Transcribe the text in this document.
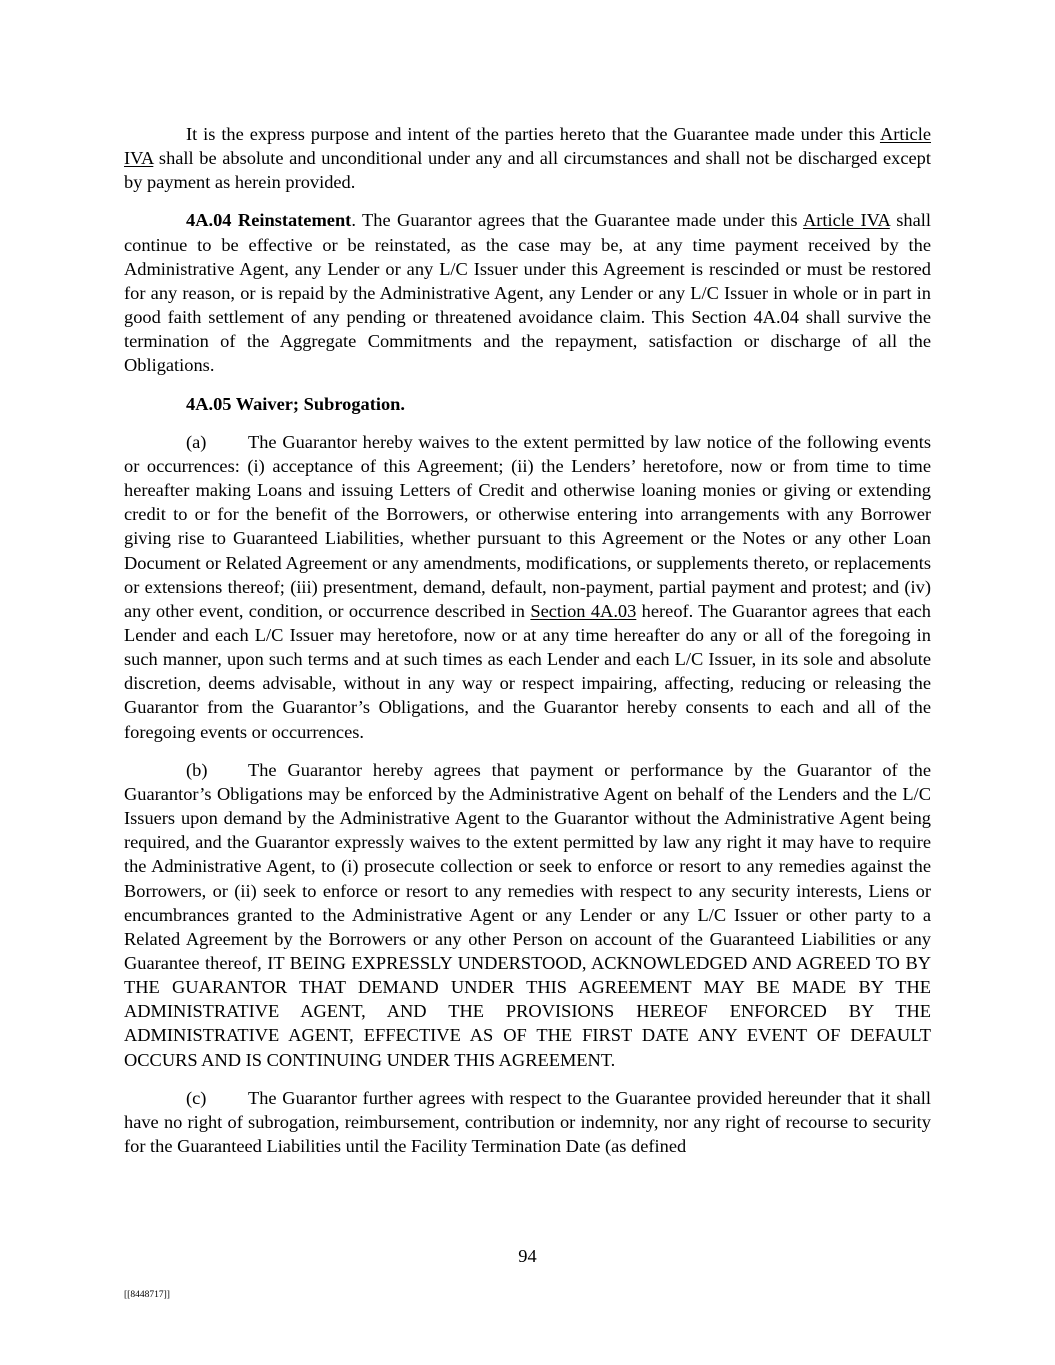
It is the express purpose and intent of the parties hereto that the Guarantee made under this Article IVA shall be absolute and unconditional under any and all circumstances and shall not be discharged except by payment as herein provided.

4A.04 Reinstatement. The Guarantor agrees that the Guarantee made under this Article IVA shall continue to be effective or be reinstated, as the case may be, at any time payment received by the Administrative Agent, any Lender or any L/C Issuer under this Agreement is rescinded or must be restored for any reason, or is repaid by the Administrative Agent, any Lender or any L/C Issuer in whole or in part in good faith settlement of any pending or threatened avoidance claim. This Section 4A.04 shall survive the termination of the Aggregate Commitments and the repayment, satisfaction or discharge of all the Obligations.

4A.05 Waiver; Subrogation.

(a) The Guarantor hereby waives to the extent permitted by law notice of the following events or occurrences: (i) acceptance of this Agreement; (ii) the Lenders’ heretofore, now or from time to time hereafter making Loans and issuing Letters of Credit and otherwise loaning monies or giving or extending credit to or for the benefit of the Borrowers, or otherwise entering into arrangements with any Borrower giving rise to Guaranteed Liabilities, whether pursuant to this Agreement or the Notes or any other Loan Document or Related Agreement or any amendments, modifications, or supplements thereto, or replacements or extensions thereof; (iii) presentment, demand, default, non-payment, partial payment and protest; and (iv) any other event, condition, or occurrence described in Section 4A.03 hereof. The Guarantor agrees that each Lender and each L/C Issuer may heretofore, now or at any time hereafter do any or all of the foregoing in such manner, upon such terms and at such times as each Lender and each L/C Issuer, in its sole and absolute discretion, deems advisable, without in any way or respect impairing, affecting, reducing or releasing the Guarantor from the Guarantor’s Obligations, and the Guarantor hereby consents to each and all of the foregoing events or occurrences.

(b) The Guarantor hereby agrees that payment or performance by the Guarantor of the Guarantor’s Obligations may be enforced by the Administrative Agent on behalf of the Lenders and the L/C Issuers upon demand by the Administrative Agent to the Guarantor without the Administrative Agent being required, and the Guarantor expressly waives to the extent permitted by law any right it may have to require the Administrative Agent, to (i) prosecute collection or seek to enforce or resort to any remedies against the Borrowers, or (ii) seek to enforce or resort to any remedies with respect to any security interests, Liens or encumbrances granted to the Administrative Agent or any Lender or any L/C Issuer or other party to a Related Agreement by the Borrowers or any other Person on account of the Guaranteed Liabilities or any Guarantee thereof, IT BEING EXPRESSLY UNDERSTOOD, ACKNOWLEDGED AND AGREED TO BY THE GUARANTOR THAT DEMAND UNDER THIS AGREEMENT MAY BE MADE BY THE ADMINISTRATIVE AGENT, AND THE PROVISIONS HEREOF ENFORCED BY THE ADMINISTRATIVE AGENT, EFFECTIVE AS OF THE FIRST DATE ANY EVENT OF DEFAULT OCCURS AND IS CONTINUING UNDER THIS AGREEMENT.

(c) The Guarantor further agrees with respect to the Guarantee provided hereunder that it shall have no right of subrogation, reimbursement, contribution or indemnity, nor any right of recourse to security for the Guaranteed Liabilities until the Facility Termination Date (as defined

94
[[8448717]]
